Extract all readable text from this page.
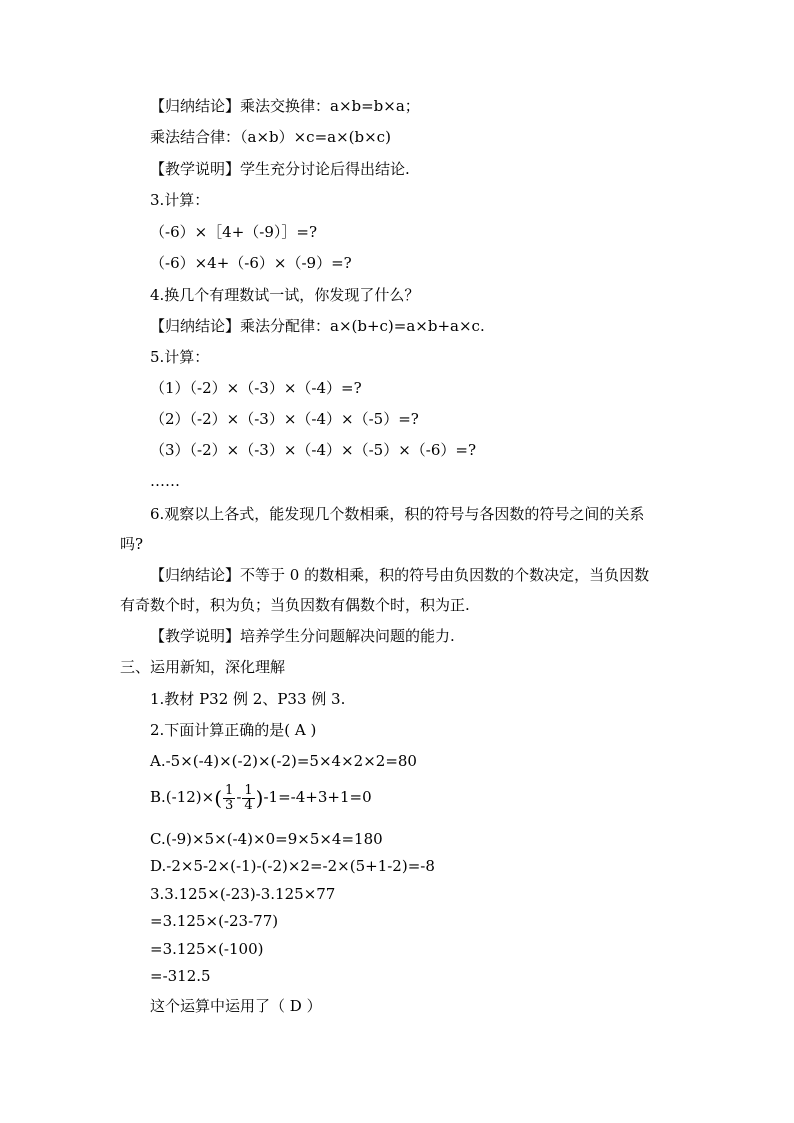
【归纳结论】乘法交换律：a×b=b×a；
乘法结合律：（a×b）×c=a×(b×c)
【教学说明】学生充分讨论后得出结论.
3.计算：
（-6）×［4+（-9）］=?
（-6）×4+（-6）×（-9）=?
4.换几个有理数试一试，你发现了什么？
【归纳结论】乘法分配律：a×(b+c)=a×b+a×c.
5.计算：
（1）（-2）×（-3）×（-4）=?
（2）（-2）×（-3）×（-4）×（-5）=?
（3）（-2）×（-3）×（-4）×（-5）×（-6）=?
……
6.观察以上各式，能发现几个数相乘，积的符号与各因数的符号之间的关系
吗?
【归纳结论】不等于 0 的数相乘，积的符号由负因数的个数决定，当负因数
有奇数个时，积为负；当负因数有偶数个时，积为正.
【教学说明】培养学生分问题解决问题的能力.
三、运用新知，深化理解
1.教材 P32 例 2、P33 例 3.
2.下面计算正确的是( A )
A.-5×(-4)×(-2)×(-2)=5×4×2×2=80
$B.(-12)\times( \frac{1}{3} - \frac{1}{4} )-1=-4+3+1=0$
C.(-9)×5×(-4)×0=9×5×4=180
D.-2×5-2×(-1)-(-2)×2=-2×(5+1-2)=-8
3.3.125×(-23)-3.125×77
=3.125×(-23-77)
=3.125×(-100)
=-312.5
这个运算中运用了（ D ）
